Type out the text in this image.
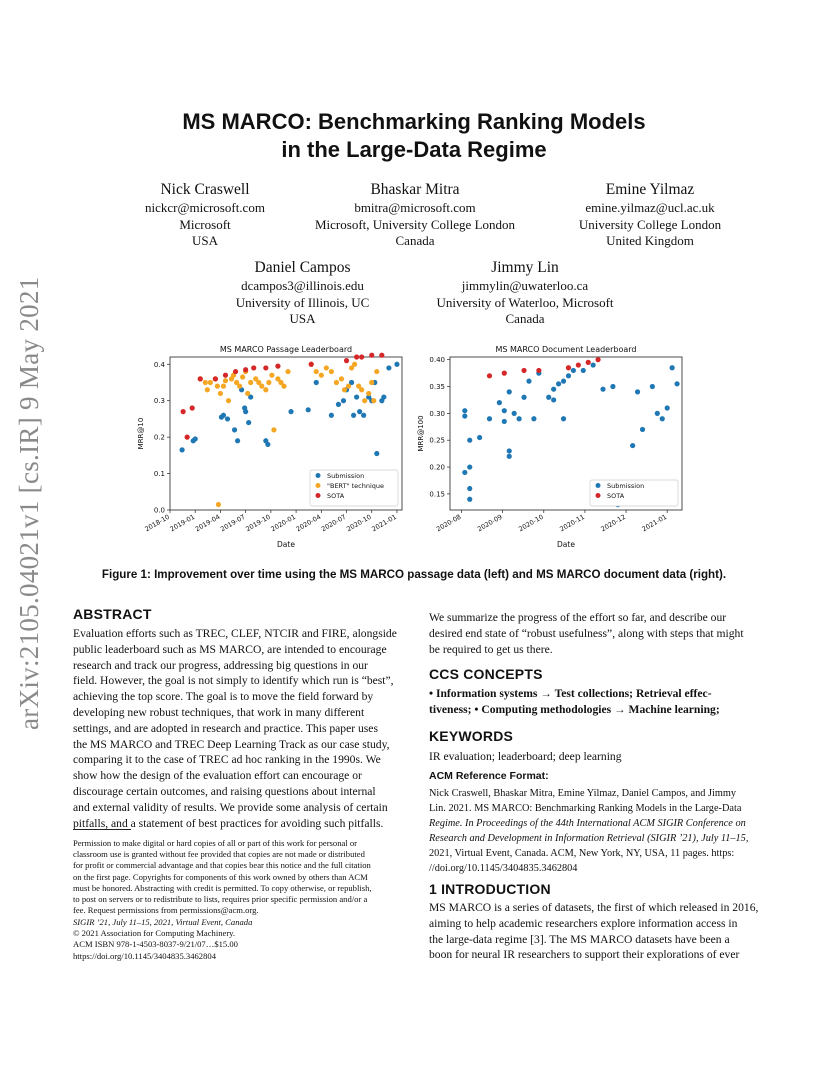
arXiv:2105.04021v1 [cs.IR] 9 May 2021
MS MARCO: Benchmarking Ranking Models
in the Large-Data Regime
Nick Craswell
nickcr@microsoft.com
Microsoft
USA
Bhaskar Mitra
bmitra@microsoft.com
Microsoft, University College London
Canada
Emine Yilmaz
emine.yilmaz@ucl.ac.uk
University College London
United Kingdom
Daniel Campos
dcampos3@illinois.edu
University of Illinois, UC
USA
Jimmy Lin
jimmylin@uwaterloo.ca
University of Waterloo, Microsoft
Canada
MS MARCO Passage Leaderboard
0.0
0.1
0.2
0.3
0.4
2018-10
2019-01
2019-04
2019-07
2019-10
2020-01
2020-04
2020-07
2020-10
2021-01
Date
MRR@10
Submission
"BERT" technique
SOTA
MS MARCO Document Leaderboard
0.15
0.20
0.25
0.30
0.35
0.40
2020-08 2020-09 2020-10 2020-11 2020-12 2021-01
Date
MRR@100
Submission
SOTA
Figure 1: Improvement over time using the MS MARCO passage data (left) and MS MARCO document data (right).
ABSTRACT
Evaluation efforts such as TREC, CLEF, NTCIR and FIRE, alongside
public leaderboard such as MS MARCO, are intended to encourage
research and track our progress, addressing big questions in our
field. However, the goal is not simply to identify which run is “best”,
achieving the top score. The goal is to move the field forward by
developing new robust techniques, that work in many different
settings, and are adopted in research and practice. This paper uses
the MS MARCO and TREC Deep Learning Track as our case study,
comparing it to the case of TREC ad hoc ranking in the 1990s. We
show how the design of the evaluation effort can encourage or
discourage certain outcomes, and raising questions about internal
and external validity of results. We provide some analysis of certain
pitfalls, and a statement of best practices for avoiding such pitfalls.
Permission to make digital or hard copies of all or part of this work for personal or
classroom use is granted without fee provided that copies are not made or distributed
for profit or commercial advantage and that copies bear this notice and the full citation
on the first page. Copyrights for components of this work owned by others than ACM
must be honored. Abstracting with credit is permitted. To copy otherwise, or republish,
to post on servers or to redistribute to lists, requires prior specific permission and/or a
fee. Request permissions from permissions@acm.org.
SIGIR ’21, July 11–15, 2021, Virtual Event, Canada
© 2021 Association for Computing Machinery.
ACM ISBN 978-1-4503-8037-9/21/07…$15.00
https://doi.org/10.1145/3404835.3462804
We summarize the progress of the effort so far, and describe our
desired end state of “robust usefulness”, along with steps that might
be required to get us there.
CCS CONCEPTS
• Information systems → Test collections; Retrieval effec-
tiveness; • Computing methodologies → Machine learning;
KEYWORDS
IR evaluation; leaderboard; deep learning
ACM Reference Format:
Nick Craswell, Bhaskar Mitra, Emine Yilmaz, Daniel Campos, and Jimmy
Lin. 2021. MS MARCO: Benchmarking Ranking Models in the Large-Data
Regime. In Proceedings of the 44th International ACM SIGIR Conference on
Research and Development in Information Retrieval (SIGIR ’21), July 11–15,
2021, Virtual Event, Canada. ACM, New York, NY, USA, 11 pages. https:
//doi.org/10.1145/3404835.3462804
1 INTRODUCTION
MS MARCO is a series of datasets, the first of which released in 2016,
aiming to help academic researchers explore information access in
the large-data regime [3]. The MS MARCO datasets have been a
boon for neural IR researchers to support their explorations of ever
